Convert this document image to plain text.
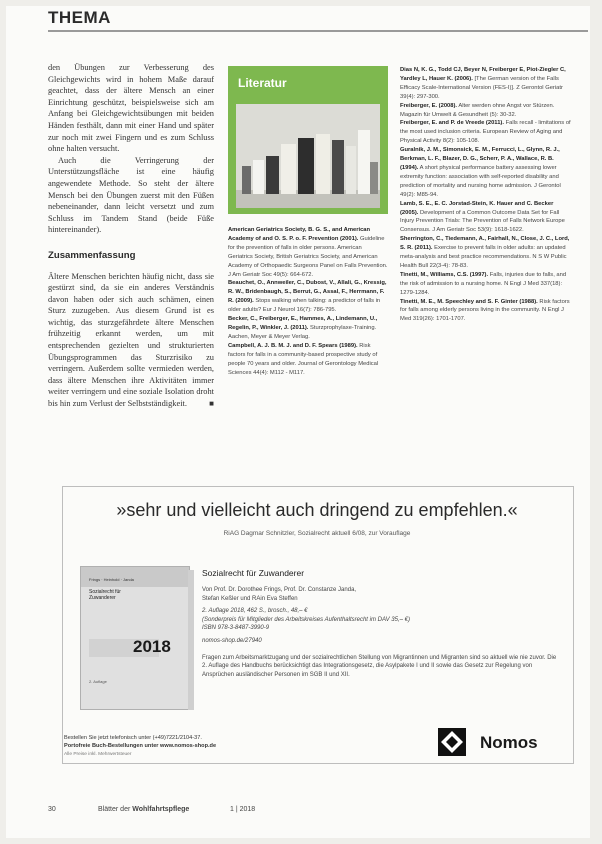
THEMA

den Übungen zur Verbesserung des Gleichgewichts wird in hohem Maße darauf geachtet, dass der ältere Mensch an einer Einrichtung geschützt, beispielsweise sich am Anfang bei Gleichgewichtsübungen mit beiden Händen festhält, dann mit einer Hand und später zur noch mit zwei Fingern und es zum Schluss ohne halten versucht.

Auch die Verringerung der Unterstützungsfläche ist eine häufig angewendete Methode. So steht der ältere Mensch bei den Übungen zuerst mit den Füßen nebeneinander, dann leicht versetzt und zum Schluss im Tandem Stand (beide Füße hintereinander).

Zusammenfassung

Ältere Menschen berichten häufig nicht, dass sie gestürzt sind, da sie ein anderes Verständnis davon haben oder sich auch schämen, einen Sturz zuzugeben. Aus diesem Grund ist es wichtig, das sturzgefährdete ältere Menschen frühzeitig erkannt werden, um mit entsprechenden gezielten und strukturierten Übungsprogrammen das Sturzrisiko zu verringern. Außerdem sollte vermieden werden, dass ältere Menschen ihre Aktivitäten immer weiter verringern und eine soziale Isolation droht bis hin zum Verlust der Selbstständigkeit.	■

Literatur

American Geriatrics Society, B. G. S., and American Academy of and O. S. P. o. F. Prevention (2001). Guideline for the prevention of falls in older persons. American Geriatrics Society, British Geriatrics Society, and American Academy of Orthopaedic Surgeons Panel on Falls Prevention. J Am Geriatr Soc 49(5): 664-672.

Beauchet, O., Annweiler, C., Dubost, V., Allali, G., Kressig, R. W., Bridenbaugh, S., Berrut, G., Assal, F., Herrmann, F. R. (2009). Stops walking when talking: a predictor of falls in older adults? Eur J Neurol 16(7): 786-795.

Becker, C., Freiberger, E., Hammes, A., Lindemann, U., Regelin, P., Winkler, J. (2011). Sturzprophylaxe-Training. Aachen, Meyer & Meyer Verlag.

Campbell, A. J. B. M. J. and D. F. Spears (1989). Risk factors for falls in a community-based prospective study of people 70 years and older. Journal of Gerontology Medical Sciences 44(4): M112 - M117.

Dias N, K. G., Todd CJ, Beyer N, Freiberger E, Piot-Ziegler C, Yardley L, Hauer K. (2006). [The German version of the Falls Efficacy Scale-International Version (FES-I)]. Z Gerontol Geriatr 39(4): 297-300.

Freiberger, E. (2008). Alter werden ohne Angst vor Stürzen. Magazin für Umwelt & Gesundheit (5): 30-32.

Freiberger, E. and P. de Vreede (2011). Falls recall - limitations of the most used inclusion criteria. European Review of Aging and Physical Activity 8(2): 105-108.

Guralnik, J. M., Simonsick, E. M., Ferrucci, L., Glynn, R. J., Berkman, L. F., Blazer, D. G., Scherr, P. A., Wallace, R. B. (1994). A short physical performance battery assessing lower extremity function: association with self-reported disability and prediction of mortality and nursing home admission. J Gerontol 49(2): M85-94.

Lamb, S. E., E. C. Jorstad-Stein, K. Hauer and C. Becker (2005). Development of a Common Outcome Data Set for Fall Injury Prevention Trials: The Prevention of Falls Network Europe Consensus. J Am Geriatr Soc 53(9): 1618-1622.

Sherrington, C., Tiedemann, A., Fairhall, N., Close, J. C., Lord, S. R. (2011). Exercise to prevent falls in older adults: an updated meta-analysis and best practice recommendations. N S W Public Health Bull 22(3-4): 78-83.

Tinetti, M., Williams, C.S. (1997). Falls, injuries due to falls, and the risk of admission to a nursing home. N Engl J Med 337(18): 1279-1284.

Tinetti, M. E., M. Speechley and S. F. Ginter (1988). Risk factors for falls among elderly persons living in the community. N Engl J Med 319(26): 1701-1707.

»sehr und vielleicht auch dringend zu empfehlen.«
RiAG Dagmar Schnitzler, Sozialrecht aktuell 6/08, zur Vorauflage
Frings · Heinhold · Janda
Sozialrecht für Zuwanderer
2018
2. Auflage
Sozialrecht für Zuwanderer
Von Prof. Dr. Dorothee Frings, Prof. Dr. Constanze Janda,
Stefan Keßler und RAin Eva Steffen
2. Auflage 2018, 462 S., brosch., 48,– €
(Sonderpreis für Mitglieder des Arbeitskreises Aufenthaltsrecht im DAV 35,– €)
ISBN 978-3-8487-3990-9
nomos-shop.de/27940
Fragen zum Arbeitsmarktzugang und der sozialrechtlichen Stellung von Migrantinnen und Migranten sind so aktuell wie nie zuvor. Die 2. Auflage des Handbuchs berücksichtigt das Integrationsgesetz, die Asylpakete I und II sowie das Gesetz zur Regelung von Ansprüchen ausländischer Personen im SGB II und XII.
Bestellen Sie jetzt telefonisch unter (+49)7221/2104-37.
Portofreie Buch-Bestellungen unter www.nomos-shop.de
Alle Preise inkl. Mehrwertsteuer
Nomos
30	Blätter der Wohlfahrtspflege	1 | 2018
